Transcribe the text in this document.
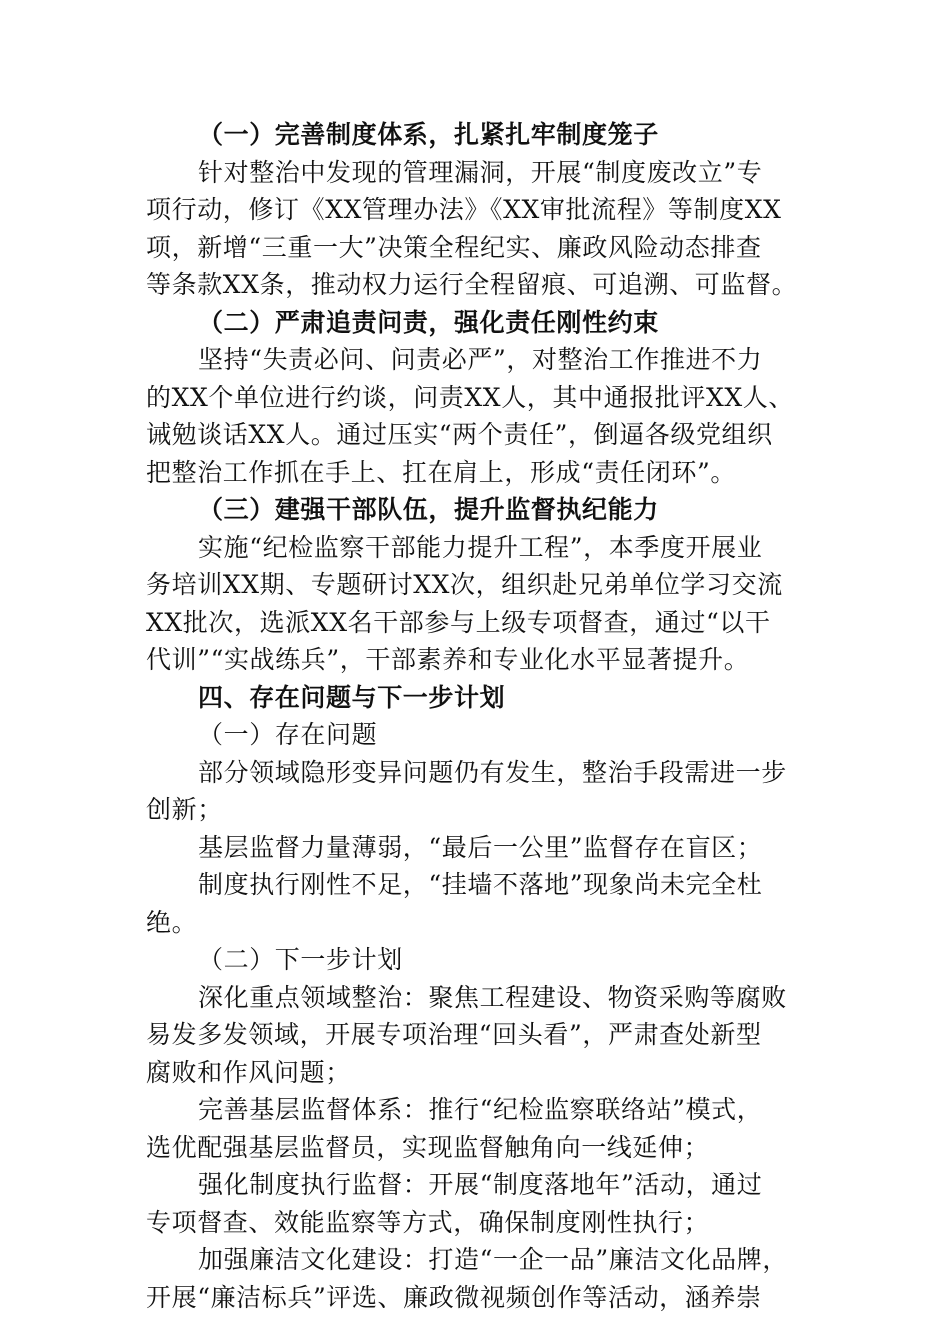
（一）完善制度体系，扎紧扎牢制度笼子
针对整治中发现的管理漏洞，开展“制度废改立”专
项行动，修订《XX管理办法》《XX审批流程》等制度XX
项，新增“三重一大”决策全程纪实、廉政风险动态排查
等条款XX条，推动权力运行全程留痕、可追溯、可监督。
（二）严肃追责问责，强化责任刚性约束
坚持“失责必问、问责必严”，对整治工作推进不力
的XX个单位进行约谈，问责XX人，其中通报批评XX人、
诫勉谈话XX人。通过压实“两个责任”，倒逼各级党组织
把整治工作抓在手上、扛在肩上，形成“责任闭环”。
（三）建强干部队伍，提升监督执纪能力
实施“纪检监察干部能力提升工程”，本季度开展业
务培训XX期、专题研讨XX次，组织赴兄弟单位学习交流
XX批次，选派XX名干部参与上级专项督查，通过“以干
代训”“实战练兵”，干部素养和专业化水平显著提升。
四、存在问题与下一步计划
（一）存在问题
部分领域隐形变异问题仍有发生，整治手段需进一步
创新；
基层监督力量薄弱，“最后一公里”监督存在盲区；
制度执行刚性不足，“挂墙不落地”现象尚未完全杜
绝。
（二）下一步计划
深化重点领域整治：聚焦工程建设、物资采购等腐败
易发多发领域，开展专项治理“回头看”，严肃查处新型
腐败和作风问题；
完善基层监督体系：推行“纪检监察联络站”模式，
选优配强基层监督员，实现监督触角向一线延伸；
强化制度执行监督：开展“制度落地年”活动，通过
专项督查、效能监察等方式，确保制度刚性执行；
加强廉洁文化建设：打造“一企一品”廉洁文化品牌，
开展“廉洁标兵”评选、廉政微视频创作等活动，涵养崇
